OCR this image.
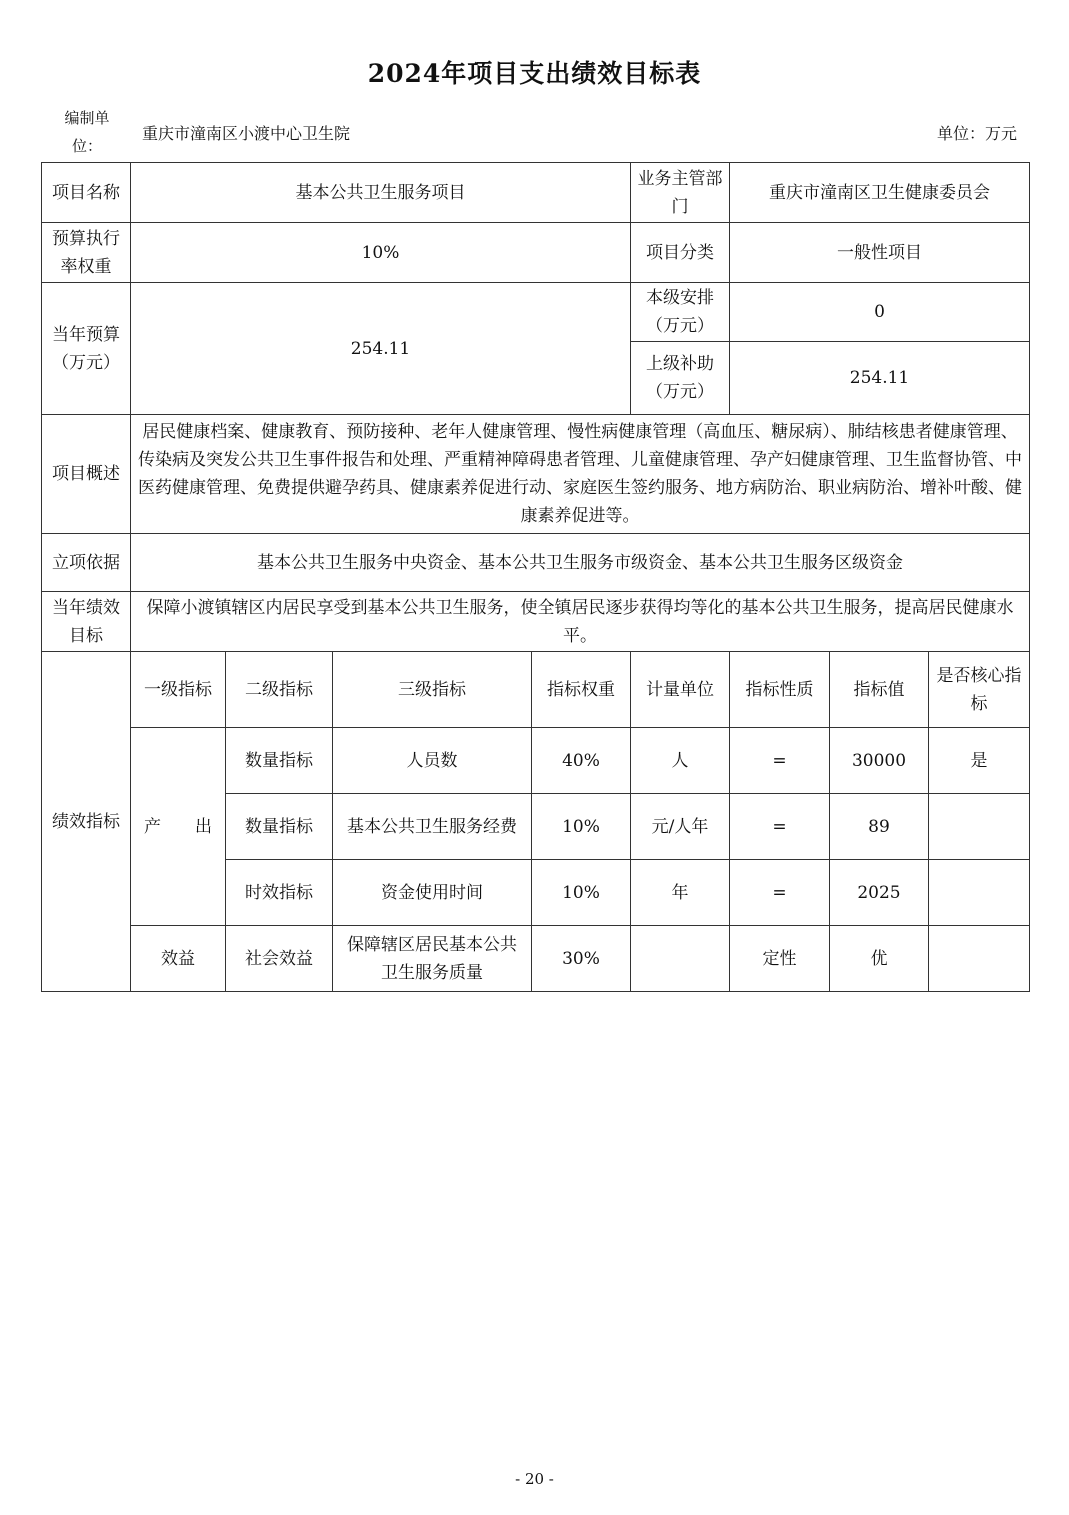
2024年项目支出绩效目标表
编制单位：
重庆市潼南区小渡中心卫生院	单位：万元
项目名称	基本公共卫生服务项目				业务主管部门	重庆市潼南区卫生健康委员会		
预算执行率权重	10%				项目分类	一般性项目		
当年预算（万元）	254.11				本级安排（万元）	0		
					上级补助（万元）	254.11		
项目概述	居民健康档案、健康教育、预防接种、老年人健康管理、慢性病健康管理（高血压、糖尿病）、肺结核患者健康管理、传染病及突发公共卫生事件报告和处理、严重精神障碍患者管理、儿童健康管理、孕产妇健康管理、卫生监督协管、中医药健康管理、免费提供避孕药具、健康素养促进行动、家庭医生签约服务、地方病防治、职业病防治、增补叶酸、健康素养促进等。							
立项依据	基本公共卫生服务中央资金、基本公共卫生服务市级资金、基本公共卫生服务区级资金							
当年绩效目标	保障小渡镇辖区内居民享受到基本公共卫生服务，使全镇居民逐步获得均等化的基本公共卫生服务，提高居民健康水平。							
绩效指标	一级指标	二级指标	三级指标	指标权重	计量单位	指标性质	指标值	是否核心指标
	产　　出	数量指标	人员数	40%	人	=	30000	是
		数量指标	基本公共卫生服务经费	10%	元/人年	=	89	
		时效指标	资金使用时间	10%	年	=	2025	
	效益	社会效益	保障辖区居民基本公共卫生服务质量	30%		定性	优	
- 20 -
